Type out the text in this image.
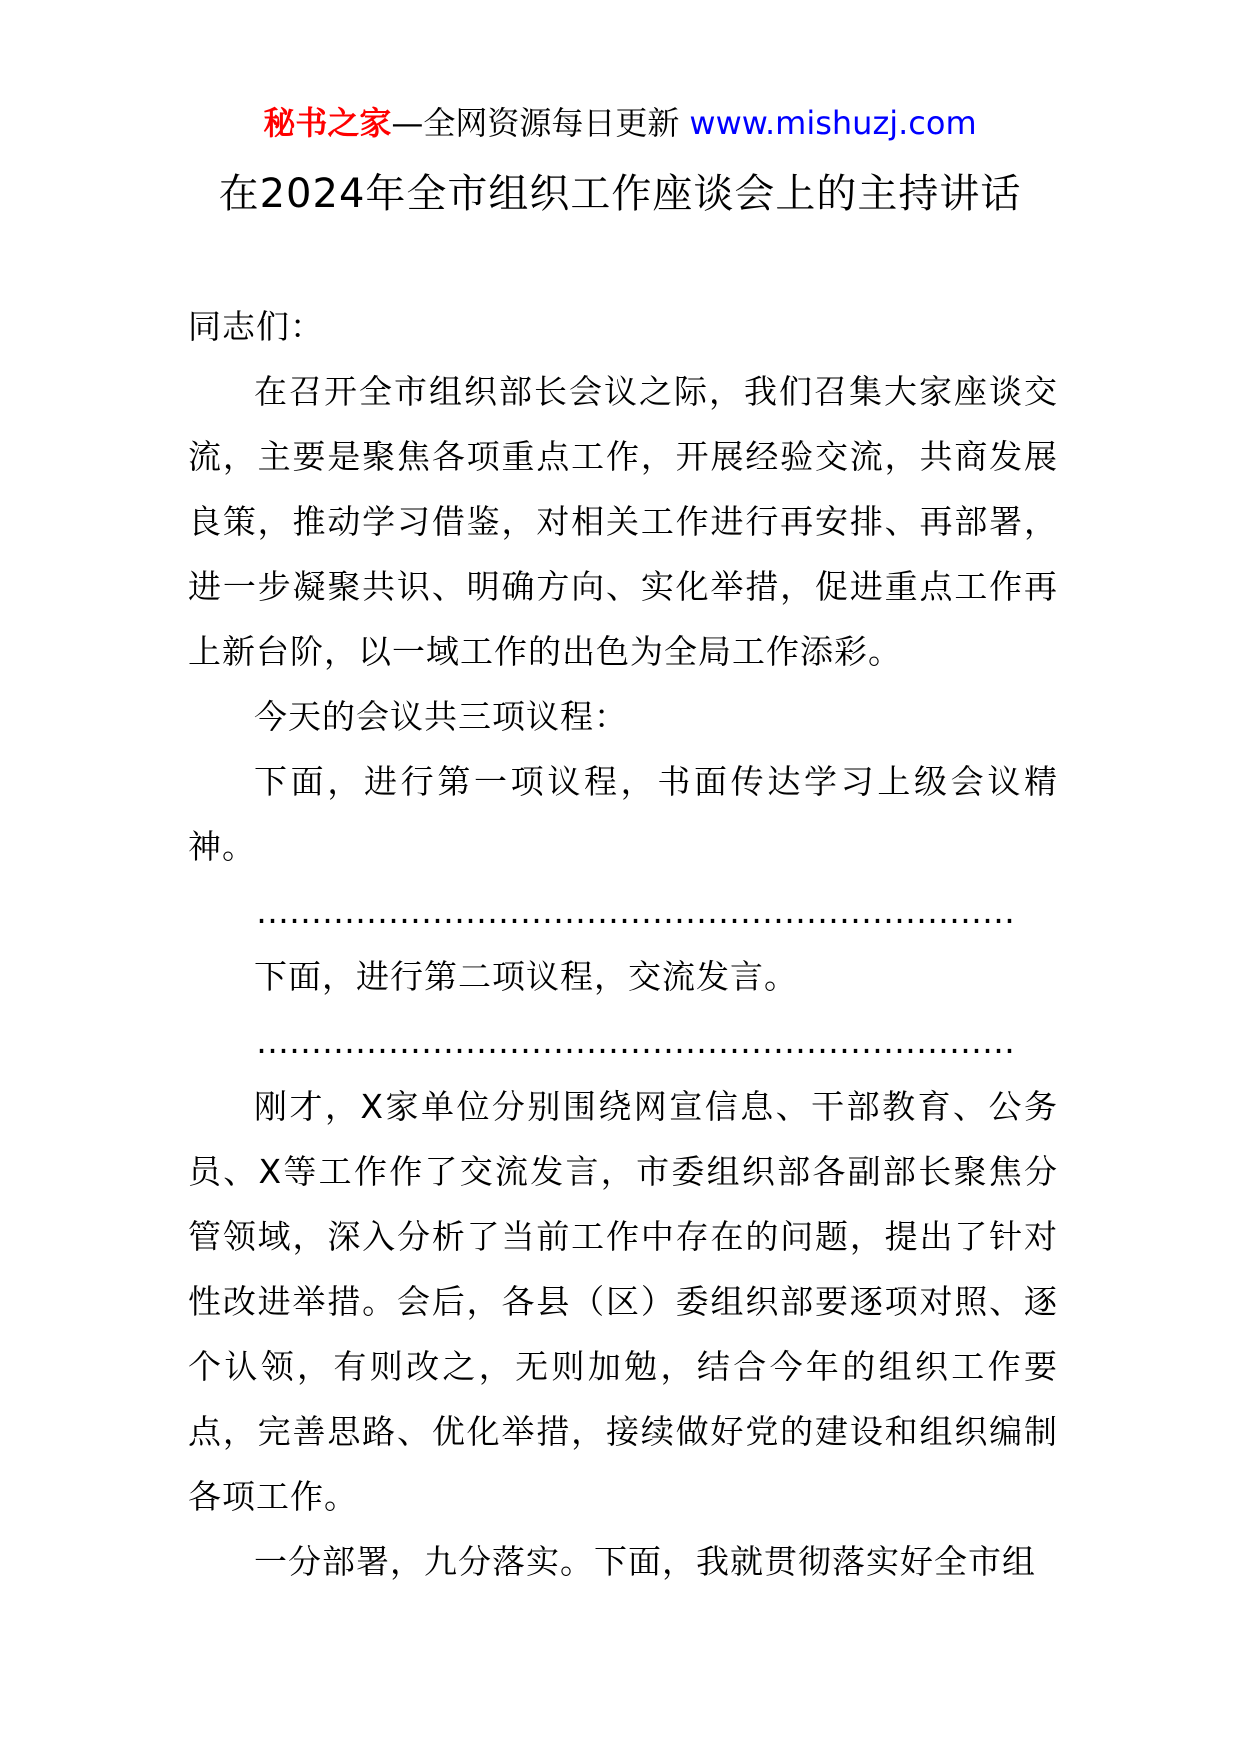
秘书之家—全网资源每日更新 www.mishuzj.com
在2024年全市组织工作座谈会上的主持讲话

同志们：

在召开全市组织部长会议之际，我们召集大家座谈交流，主要是聚焦各项重点工作，开展经验交流，共商发展良策，推动学习借鉴，对相关工作进行再安排、再部署，进一步凝聚共识、明确方向、实化举措，促进重点工作再上新台阶，以一域工作的出色为全局工作添彩。

今天的会议共三项议程：

下面，进行第一项议程，书面传达学习上级会议精神。

……………………………………………………………

下面，进行第二项议程，交流发言。

……………………………………………………………

刚才，X家单位分别围绕网宣信息、干部教育、公务员、X等工作作了交流发言，市委组织部各副部长聚焦分管领域，深入分析了当前工作中存在的问题，提出了针对性改进举措。会后，各县（区）委组织部要逐项对照、逐个认领，有则改之，无则加勉，结合今年的组织工作要点，完善思路、优化举措，接续做好党的建设和组织编制各项工作。

一分部署，九分落实。下面，我就贯彻落实好全市组
